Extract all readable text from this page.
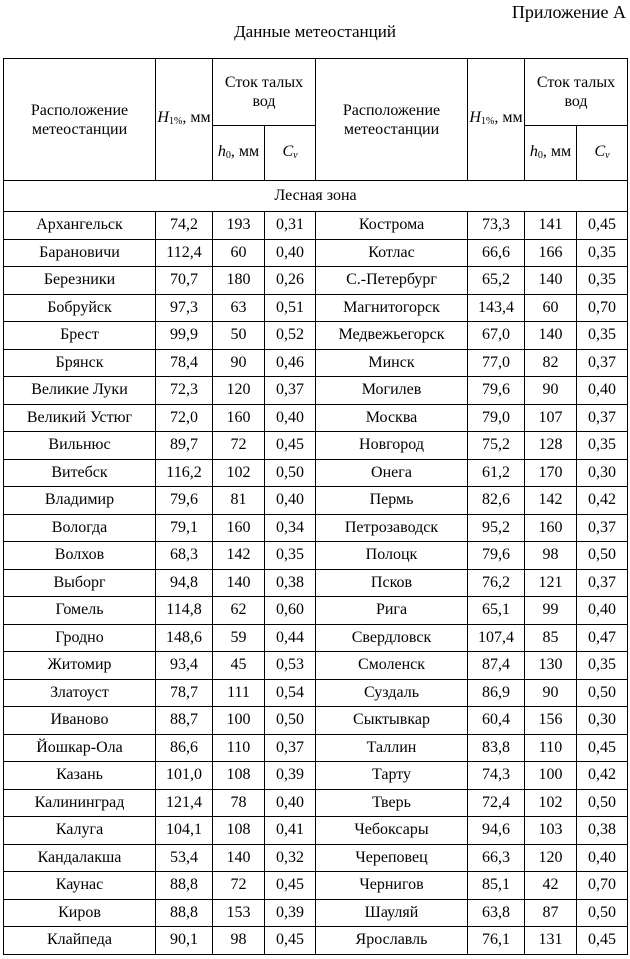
Приложение А
Данные метеостанций
Расположение метеостанции	$H_{1\%}$, мм	Сток талых вод		Расположение метеостанции	$H_{1\%}$, мм	Сток талых вод	
		$h_0$, мм	$C_v$			$h_0$, мм	$C_v$
Лесная зона							
Архангельск	74,2	193	0,31	Кострома	73,3	141	0,45
Барановичи	112,4	60	0,40	Котлас	66,6	166	0,35
Березники	70,7	180	0,26	С.-Петербург	65,2	140	0,35
Бобруйск	97,3	63	0,51	Магнитогорск	143,4	60	0,70
Брест	99,9	50	0,52	Медвежьегорск	67,0	140	0,35
Брянск	78,4	90	0,46	Минск	77,0	82	0,37
Великие Луки	72,3	120	0,37	Могилев	79,6	90	0,40
Великий Устюг	72,0	160	0,40	Москва	79,0	107	0,37
Вильнюс	89,7	72	0,45	Новгород	75,2	128	0,35
Витебск	116,2	102	0,50	Онега	61,2	170	0,30
Владимир	79,6	81	0,40	Пермь	82,6	142	0,42
Вологда	79,1	160	0,34	Петрозаводск	95,2	160	0,37
Волхов	68,3	142	0,35	Полоцк	79,6	98	0,50
Выборг	94,8	140	0,38	Псков	76,2	121	0,37
Гомель	114,8	62	0,60	Рига	65,1	99	0,40
Гродно	148,6	59	0,44	Свердловск	107,4	85	0,47
Житомир	93,4	45	0,53	Смоленск	87,4	130	0,35
Златоуст	78,7	111	0,54	Суздаль	86,9	90	0,50
Иваново	88,7	100	0,50	Сыктывкар	60,4	156	0,30
Йошкар-Ола	86,6	110	0,37	Таллин	83,8	110	0,45
Казань	101,0	108	0,39	Тарту	74,3	100	0,42
Калининград	121,4	78	0,40	Тверь	72,4	102	0,50
Калуга	104,1	108	0,41	Чебоксары	94,6	103	0,38
Кандалакша	53,4	140	0,32	Череповец	66,3	120	0,40
Каунас	88,8	72	0,45	Чернигов	85,1	42	0,70
Киров	88,8	153	0,39	Шауляй	63,8	87	0,50
Клайпеда	90,1	98	0,45	Ярославль	76,1	131	0,45
